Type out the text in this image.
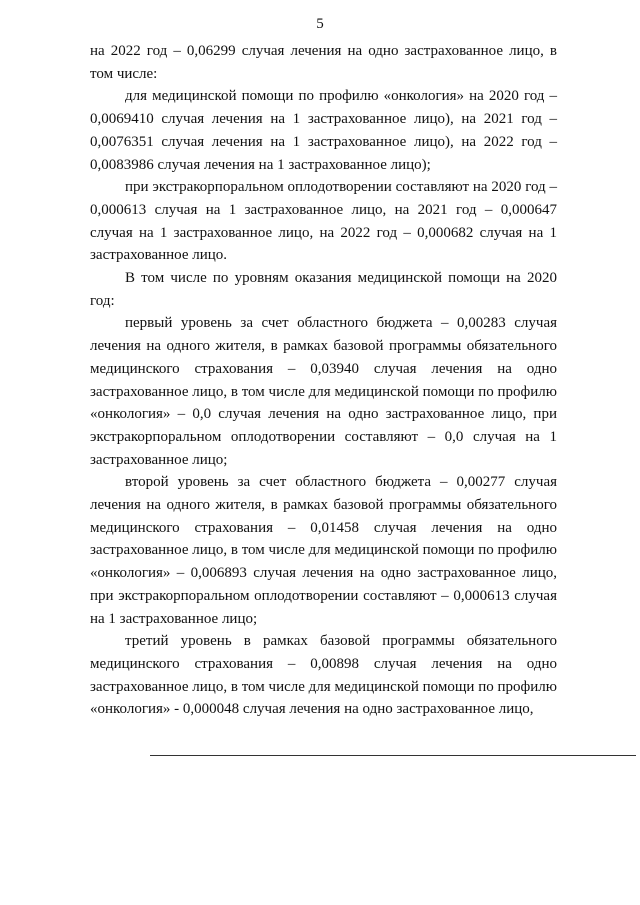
5

на 2022 год – 0,06299 случая лечения на одно застрахованное лицо, в том числе:

для медицинской помощи по профилю «онкология» на 2020 год – 0,0069410 случая лечения на 1 застрахованное лицо), на 2021 год – 0,0076351 случая лечения на 1 застрахованное лицо), на 2022 год – 0,0083986 случая лечения на 1 застрахованное лицо);

при экстракорпоральном оплодотворении составляют на 2020 год – 0,000613 случая на 1 застрахованное лицо, на 2021 год – 0,000647 случая на 1 застрахованное лицо, на 2022 год – 0,000682 случая на 1 застрахованное лицо.

В том числе по уровням оказания медицинской помощи на 2020 год:

первый уровень за счет областного бюджета – 0,00283 случая лечения на одного жителя, в рамках базовой программы обязательного медицинского страхования – 0,03940 случая лечения на одно застрахованное лицо, в том числе для медицинской помощи по профилю «онкология» – 0,0 случая лечения на одно застрахованное лицо, при экстракорпоральном оплодотворении составляют – 0,0 случая на 1 застрахованное лицо;

второй уровень за счет областного бюджета – 0,00277 случая лечения на одного жителя, в рамках базовой программы обязательного медицинского страхования – 0,01458 случая лечения на одно застрахованное лицо, в том числе для медицинской помощи по профилю «онкология» – 0,006893 случая лечения на одно застрахованное лицо, при экстракорпоральном оплодотворении составляют – 0,000613 случая на 1 застрахованное лицо;

третий уровень в рамках базовой программы обязательного медицинского страхования – 0,00898 случая лечения на одно застрахованное лицо, в том числе для медицинской помощи по профилю «онкология» - 0,000048 случая лечения на одно застрахованное лицо,
